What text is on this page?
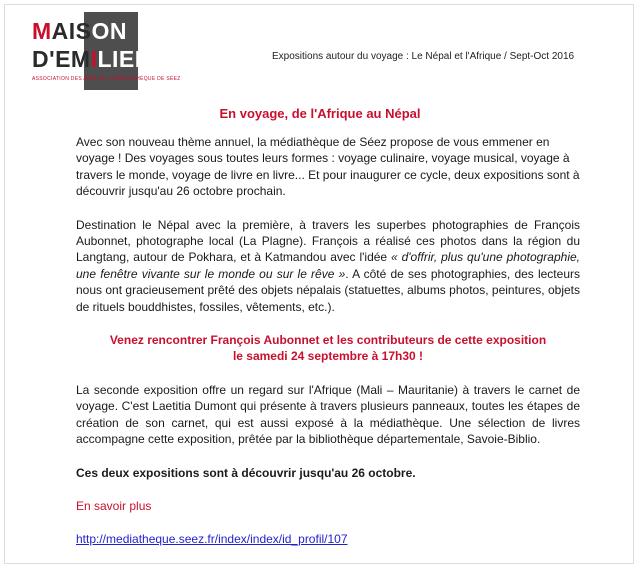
MAISON
D'EMILIEN
ASSOCIATION DES AMIS DE LA MÉDIATHÈQUE DE SÉEZ
Expositions autour du voyage : Le Népal et l'Afrique / Sept-Oct 2016
En voyage, de l'Afrique au Népal

Avec son nouveau thème annuel, la médiathèque de Séez propose de vous emmener en voyage ! Des voyages sous toutes leurs formes : voyage culinaire, voyage musical, voyage à travers le monde, voyage de livre en livre... Et pour inaugurer ce cycle, deux expositions sont à découvrir jusqu'au 26 octobre prochain.

Destination le Népal avec la première, à travers les superbes photographies de François Aubonnet, photographe local (La Plagne). François a réalisé ces photos dans la région du Langtang, autour de Pokhara, et à Katmandou avec l'idée « d'offrir, plus qu'une photographie, une fenêtre vivante sur le monde ou sur le rêve ». A côté de ses photographies, des lecteurs nous ont gracieusement prêté des objets népalais (statuettes, albums photos, peintures, objets de rituels bouddhistes, fossiles, vêtements, etc.).

Venez rencontrer François Aubonnet et les contributeurs de cette exposition
le samedi 24 septembre à 17h30 !

La seconde exposition offre un regard sur l'Afrique (Mali – Mauritanie) à travers le carnet de voyage. C'est Laetitia Dumont qui présente à travers plusieurs panneaux, toutes les étapes de création de son carnet, qui est aussi exposé à la médiathèque. Une sélection de livres accompagne cette exposition, prêtée par la bibliothèque départementale, Savoie-Biblio.

Ces deux expositions sont à découvrir jusqu'au 26 octobre.

En savoir plus

http://mediatheque.seez.fr/index/index/id_profil/107
